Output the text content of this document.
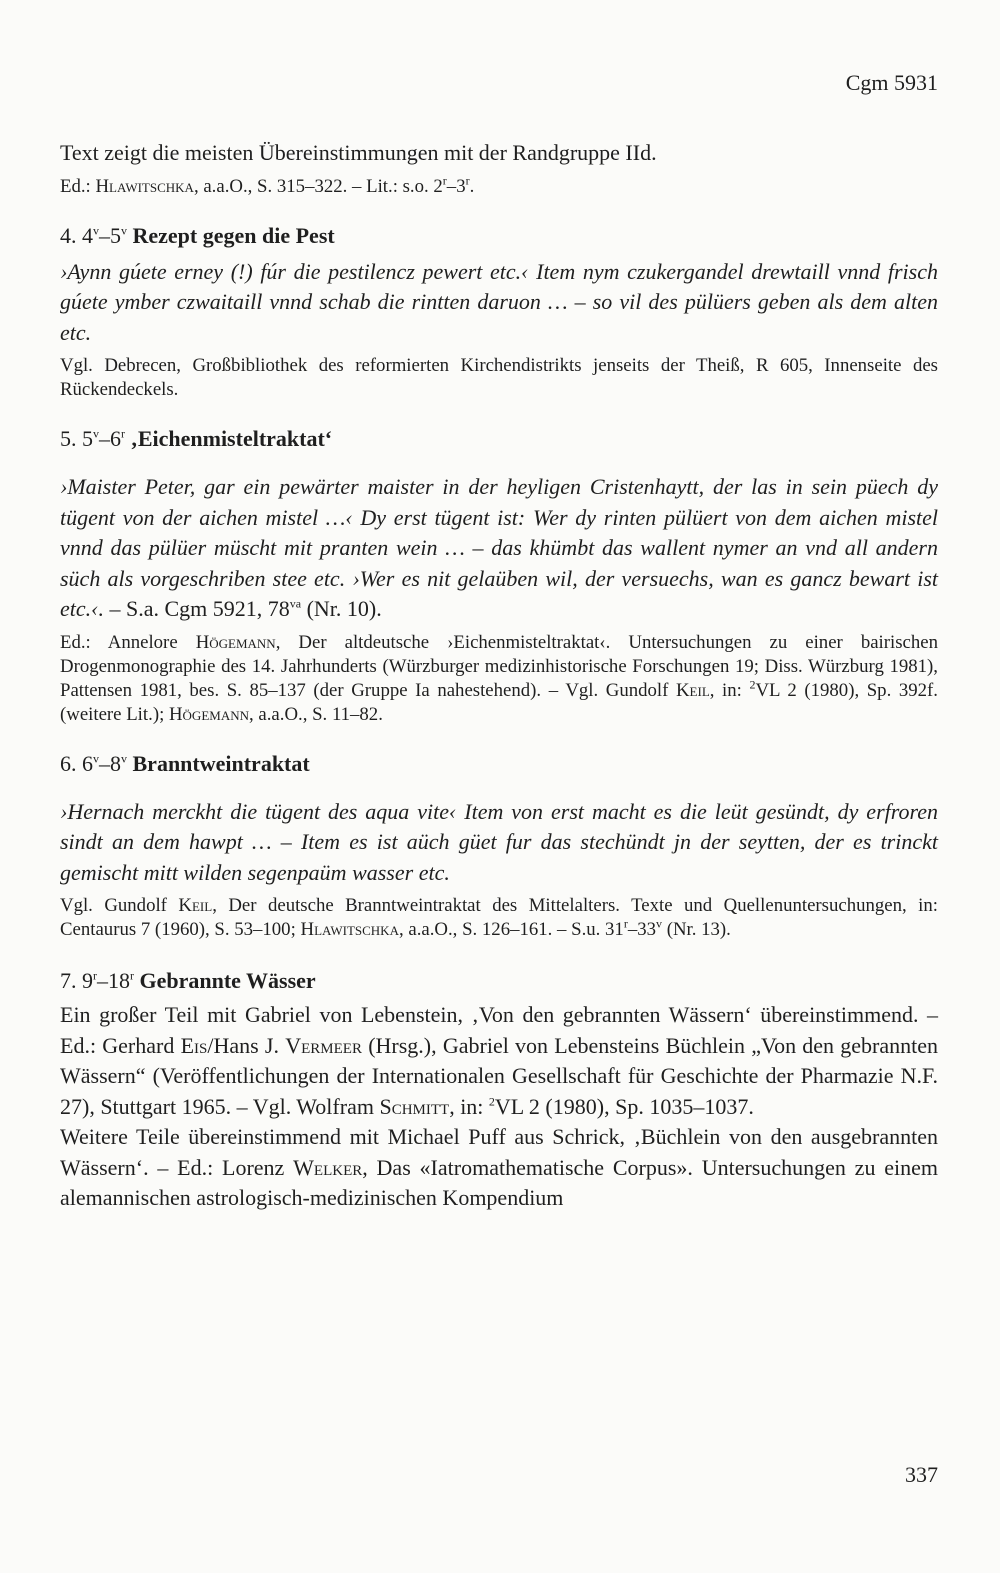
Cgm 5931

Text zeigt die meisten Übereinstimmungen mit der Randgruppe IId.

Ed.: Hlawitschka, a.a.O., S. 315–322. – Lit.: s.o. 2$^r$–3$^r$.

4. 4$^v$–5$^v$ Rezept gegen die Pest

›Aynn gúete erney (!) fúr die pestilencz pewert etc.‹ Item nym czukergandel drewtaill vnnd frisch gúete ymber czwaitaill vnnd schab die rintten daruon … – so vil des pülüers geben als dem alten etc.

Vgl. Debrecen, Großbibliothek des reformierten Kirchendistrikts jenseits der Theiß, R 605, Innenseite des Rückendeckels.

5. 5$^v$–6$^r$ ‚Eichenmisteltraktat‘

›Maister Peter, gar ein pewärter maister in der heyligen Cristenhaytt, der las in sein püech dy tügent von der aichen mistel …‹ Dy erst tügent ist: Wer dy rinten pülüert von dem aichen mistel vnnd das pülüer müscht mit pranten wein … – das khümbt das wallent nymer an vnd all andern süch als vorgeschriben stee etc. ›Wer es nit gelaüben wil, der versuechs, wan es gancz bewart ist etc.‹. – S.a. Cgm 5921, $78^{va}$ (Nr. 10).

Ed.: Annelore Högemann, Der altdeutsche ›Eichenmisteltraktat‹. Untersuchungen zu einer bairischen Drogenmonographie des 14. Jahrhunderts (Würzburger medizinhistorische Forschungen 19; Diss. Würzburg 1981), Pattensen 1981, bes. S. 85–137 (der Gruppe Ia nahestehend). – Vgl. Gundolf Keil, in: $^2$VL 2 (1980), Sp. 392f. (weitere Lit.); Högemann, a.a.O., S. 11–82.

6. 6$^v$–8$^v$ Branntweintraktat

›Hernach merckht die tügent des aqua vite‹ Item von erst macht es die leüt gesündt, dy erfroren sindt an dem hawpt … – Item es ist aüch güet fur das stechündt jn der seytten, der es trinckt gemischt mitt wilden segenpaüm wasser etc.

Vgl. Gundolf Keil, Der deutsche Branntweintraktat des Mittelalters. Texte und Quellenuntersuchungen, in: Centaurus 7 (1960), S. 53–100; Hlawitschka, a.a.O., S. 126–161. – S.u. 31$^r$–33$^v$ (Nr. 13).

7. 9$^r$–18$^r$ Gebrannte Wässer

Ein großer Teil mit Gabriel von Lebenstein, ‚Von den gebrannten Wässern‘ übereinstimmend. – Ed.: Gerhard Eis/Hans J. Vermeer (Hrsg.), Gabriel von Lebensteins Büchlein „Von den gebrannten Wässern“ (Veröffentlichungen der Internationalen Gesellschaft für Geschichte der Pharmazie N.F. 27), Stuttgart 1965. – Vgl. Wolfram Schmitt, in: $^2$VL 2 (1980), Sp. 1035–1037.

Weitere Teile übereinstimmend mit Michael Puff aus Schrick, ‚Büchlein von den ausgebrannten Wässern‘. – Ed.: Lorenz Welker, Das «Iatromathematische Corpus». Untersuchungen zu einem alemannischen astrologisch-medizinischen Kompendium

337
